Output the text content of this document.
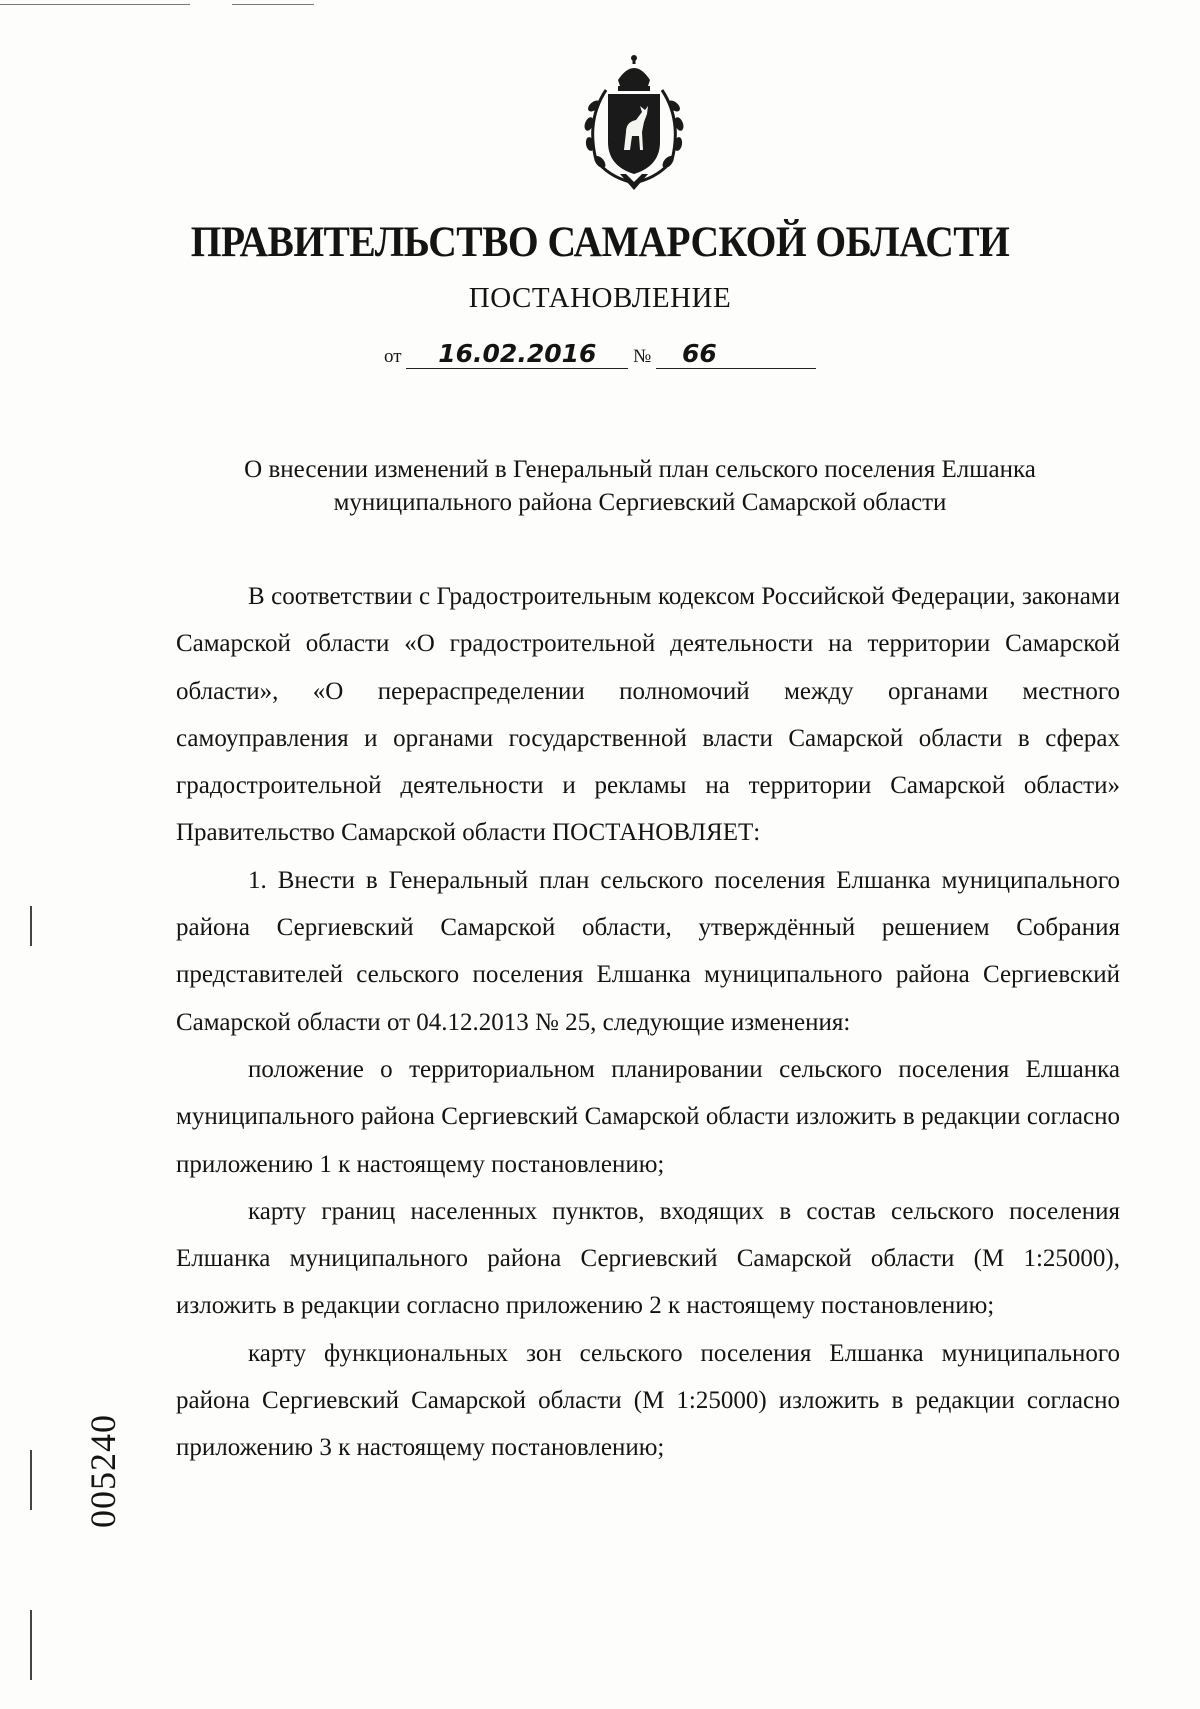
ПРАВИТЕЛЬСТВО САМАРСКОЙ ОБЛАСТИ
ПОСТАНОВЛЕНИЕ
от 16.02.2016 № 66
О внесении изменений в Генеральный план сельского поселения Елшанка
муниципального района Сергиевский Самарской области

В соответствии с Градостроительным кодексом Российской Федерации, законами Самарской области «О градостроительной деятельности на территории Самарской области», «О перераспределении полномочий между органами местного самоуправления и органами государственной власти Самарской области в сферах градостроительной деятельности и рекламы на территории Самарской области» Правительство Самарской области ПОСТАНОВЛЯЕТ:

1. Внести в Генеральный план сельского поселения Елшанка муниципального района Сергиевский Самарской области, утверждённый решением Собрания представителей сельского поселения Елшанка муниципального района Сергиевский Самарской области от 04.12.2013 № 25, следующие изменения:

положение о территориальном планировании сельского поселения Елшанка муниципального района Сергиевский Самарской области изложить в редакции согласно приложению 1 к настоящему постановлению;

карту границ населенных пунктов, входящих в состав сельского поселения Елшанка муниципального района Сергиевский Самарской области (М 1:25000), изложить в редакции согласно приложению 2 к настоящему постановлению;

карту функциональных зон сельского поселения Елшанка муниципального района Сергиевский Самарской области (М 1:25000) изложить в редакции согласно приложению 3 к настоящему постановлению;

005240
